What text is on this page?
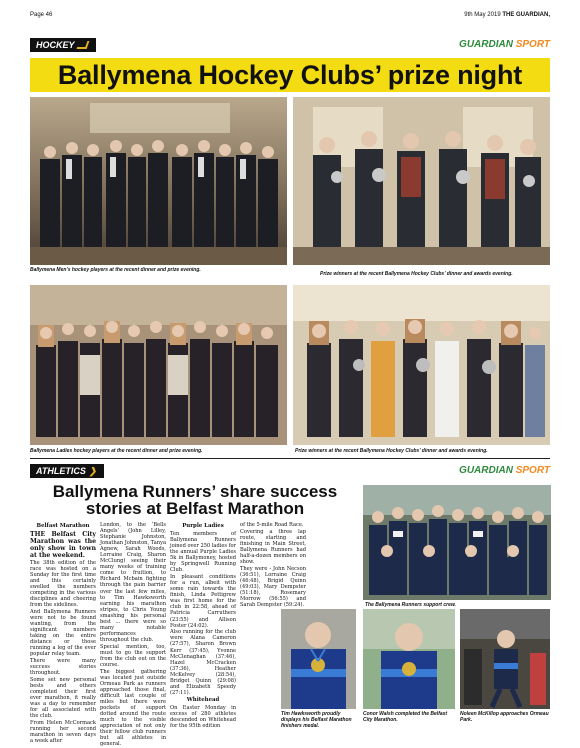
Page 46	9th May 2019 THE GUARDIAN,
HOCKEY	GUARDIAN SPORT
Ballymena Hockey Clubs’ prize night
Ballymena Men’s hockey players at the recent dinner and prize evening.
Prize winners at the recent Ballymena Hockey Clubs’ dinner and awards evening.
Ballymena Ladies hockey players at the recent dinner and prize evening.	Prize winners at the recent Ballymena Hockey Clubs’ dinner and awards evening.
ATHLETICS ❯	GUARDIAN SPORT
Ballymena Runners’ share success stories at Belfast Marathon
Belfast Marathon

THE Belfast City Marathon was the only show in town at the weekend.

The 38th edition of the race was hosted on a Sunday for the first time and this certainly swelled the numbers competing in the various disciplines and cheering from the sidelines.

And Ballymena Runners were not to be found wanting, from the significant numbers taking on the entire distance or those running a leg of the ever popular relay team.

There were many success stories throughout.

Some set new personal bests and others completed their first ever marathon, it really was a day to remember for all associated with the club.

From Helen McCormack running her second marathon in seven days a week after

London, to the ‘Bells Angels’ (John Lilley, Stephanie Johnston, Jonathan Johnston, Tanya Agnew, Sarah Woods, Lorraine Craig, Sharon McClung) seeing their many weeks of training come to fruition, to Richard Mcbain fighting through the pain barrier over the last few miles, to Tim Hawksworth earning his marathon stripes, to Chris Young smashing his personal best ... there were so many notable performances throughout the club.

Special mention, too, must to go the support from the club out on the course.

The biggest gathering was located just outside Ormeau Park as runners approached those final, difficult last couple of miles but there were pockets of support dotted around the route much to the visible appreciation of not only their fellow club runners but all athletes in general.

Purple Ladies

Ten members of Ballymena Runners joined over 250 ladies for the annual Purple Ladies 5k in Ballymoney, hosted by Springwell Running Club.

In pleasant conditions for a run, albeit with some rain towards the finish, Linda Pettigrew was first home for the club in 22:58, ahead of Patricia Carruthers (23:55) and Allison Foster (24:02).

Also running for the club were Alana Cameron (27:57), Sharon Brown Kerr (37:45), Yvonne McClenaghan (37:46), Hazel McCracken (37:36), Heather McKelvey (28:54), Bridget Quinn (29:08) and Elizabeth Speedy (27:11).

Whitehead

On Easter Monday in excess of 280 athletes descended on Whitehead for the 95th edition

of the 5-mile Road Race.

Covering a three lap route, starting and finishing in Main Street, Ballymena Runners had half-a-dozen members on show.

They were - John Necson (36:51), Lorraine Craig (46:48), Brigid Quinn (49:03), Mary Dempster (51:18), Rosemary Morrow (56:55) and Sarah Dempster (59:24).	The Ballymena Runners support crew.
Tim Hawksworth proudly displays his Belfast Marathon finishers medal.
Conor Walsh completed the Belfast City Marathon.
Noleen McKillop approaches Ormeau Park.
